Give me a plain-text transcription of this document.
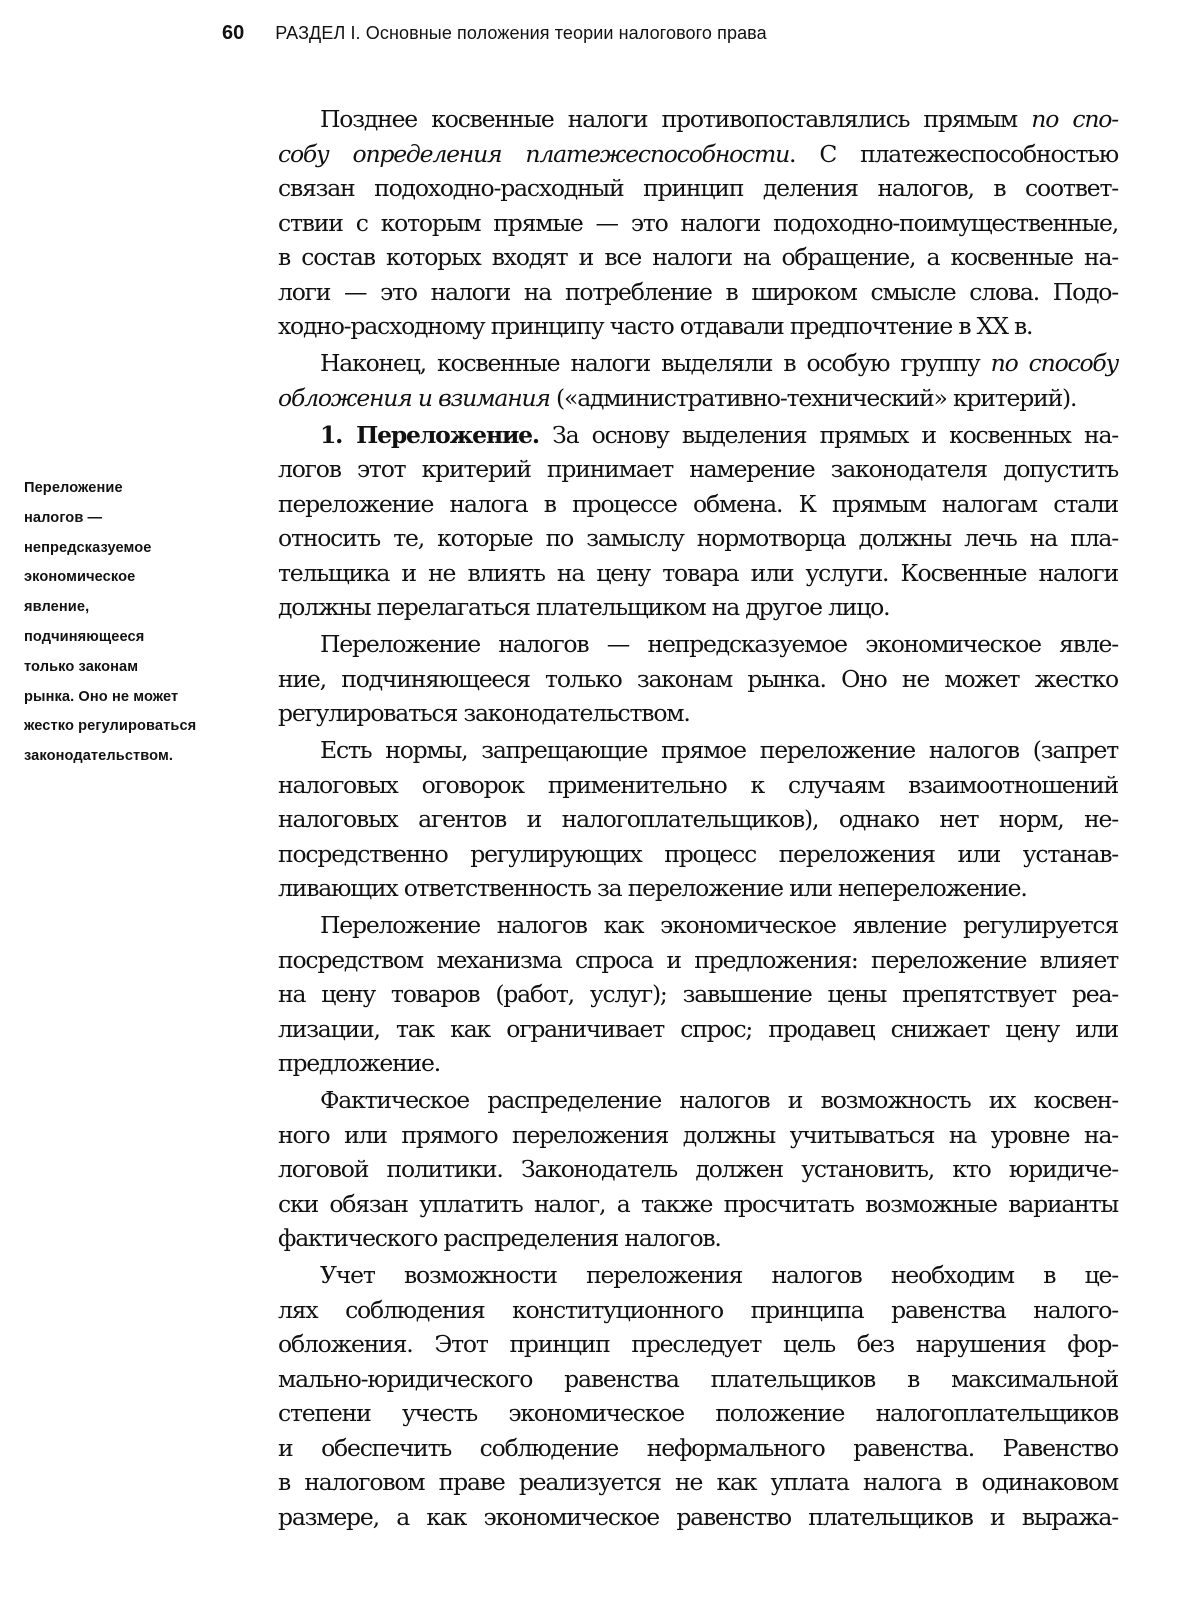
60 РАЗДЕЛ I. Основные положения теории налогового права
Переложение
налогов —
непредсказуемое
экономическое
явление,
подчиняющееся
только законам
рынка. Оно не может
жестко регулироваться
законодательством.
Позднее косвенные налоги противопоставлялись прямым по спо-
собу определения платежеспособности. С платежеспособностью
связан подоходно-расходный принцип деления налогов, в соответ-
ствии с которым прямые — это налоги подоходно-поимущественные,
в состав которых входят и все налоги на обращение, а косвенные на-
логи — это налоги на потребление в широком смысле слова. Подо-
ходно-расходному принципу часто отдавали предпочтение в XX в.
Наконец, косвенные налоги выделяли в особую группу по способу
обложения и взимания («административно-технический» критерий).
1. Переложение. За основу выделения прямых и косвенных на-
логов этот критерий принимает намерение законодателя допустить
переложение налога в процессе обмена. К прямым налогам стали
относить те, которые по замыслу нормотворца должны лечь на пла-
тельщика и не влиять на цену товара или услуги. Косвенные налоги
должны перелагаться плательщиком на другое лицо.
Переложение налогов — непредсказуемое экономическое явле-
ние, подчиняющееся только законам рынка. Оно не может жестко
регулироваться законодательством.
Есть нормы, запрещающие прямое переложение налогов (запрет
налоговых оговорок применительно к случаям взаимоотношений
налоговых агентов и налогоплательщиков), однако нет норм, не-
посредственно регулирующих процесс переложения или устанав-
ливающих ответственность за переложение или непереложение.
Переложение налогов как экономическое явление регулируется
посредством механизма спроса и предложения: переложение влияет
на цену товаров (работ, услуг); завышение цены препятствует реа-
лизации, так как ограничивает спрос; продавец снижает цену или
предложение.
Фактическое распределение налогов и возможность их косвен-
ного или прямого переложения должны учитываться на уровне на-
логовой политики. Законодатель должен установить, кто юридиче-
ски обязан уплатить налог, а также просчитать возможные варианты
фактического распределения налогов.
Учет возможности переложения налогов необходим в це-
лях соблюдения конституционного принципа равенства налого-
обложения. Этот принцип преследует цель без нарушения фор-
мально-юридического равенства плательщиков в максимальной
степени учесть экономическое положение налогоплательщиков
и обеспечить соблюдение неформального равенства. Равенство
в налоговом праве реализуется не как уплата налога в одинаковом
размере, а как экономическое равенство плательщиков и выража-
